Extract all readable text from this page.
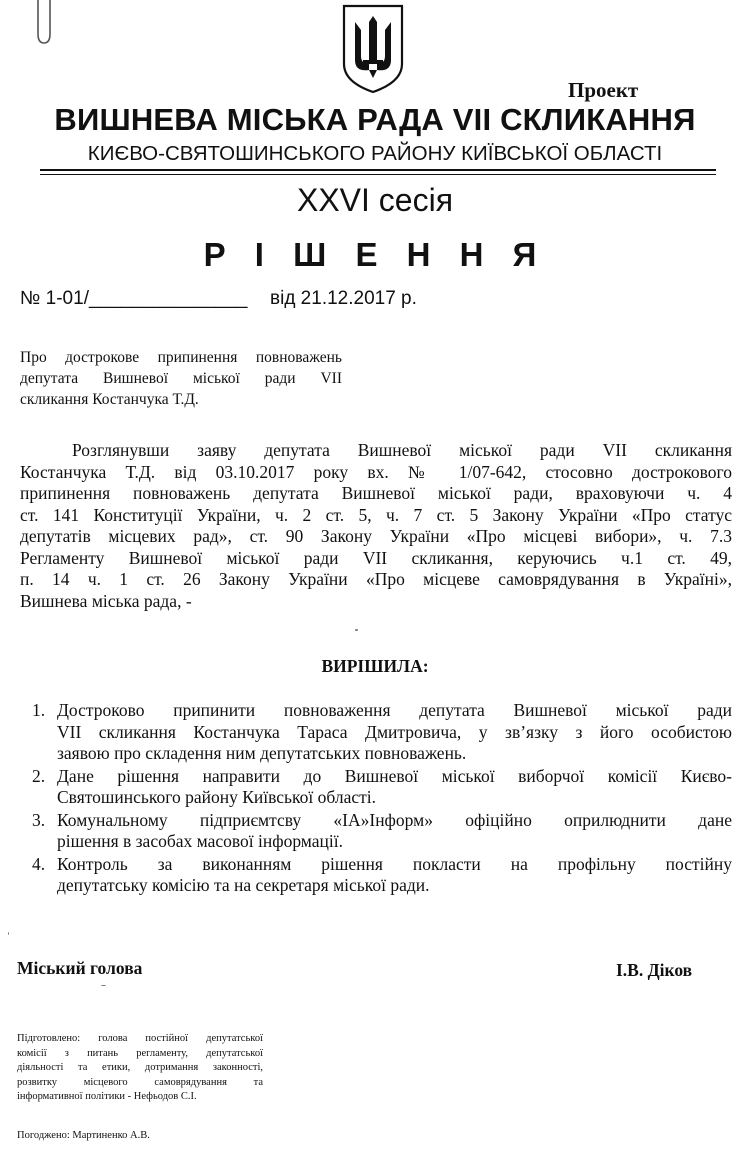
Проект
ВИШНЕВА МІСЬКА РАДА VII СКЛИКАННЯ
КИЄВО-СВЯТОШИНСЬКОГО РАЙОНУ КИЇВСЬКОЇ ОБЛАСТІ
XXVI сесія
Р І Ш Е Н Н Я
№ 1-01/_______________ від 21.12.2017 р.
Про дострокове припинення повноважень
депутата Вишневої міської ради VII
скликання Костанчука Т.Д.
Розглянувши заяву депутата Вишневої міської ради VII скликання
Костанчука Т.Д. від 03.10.2017 року вх. № 1/07-642, стосовно дострокового
припинення повноважень депутата Вишневої міської ради, враховуючи ч. 4
ст. 141 Конституції України, ч. 2 ст. 5, ч. 7 ст. 5 Закону України «Про статус
депутатів місцевих рад», ст. 90 Закону України «Про місцеві вибори», ч. 7.3
Регламенту Вишневої міської ради VII скликання, керуючись ч.1 ст. 49,
п. 14 ч. 1 ст. 26 Закону України «Про місцеве самоврядування в Україні»,
Вишнева міська рада, -
ВИРІШИЛА:
1. Достроково припинити повноваження депутата Вишневої міської ради
VII скликання Костанчука Тараса Дмитровича, у зв’язку з його особистою
заявою про складення ним депутатських повноважень.
2. Дане рішення направити до Вишневої міської виборчої комісії Києво-
Святошинського району Київської області.
3. Комунальному підприємтсву «ІА»Інформ» офіційно оприлюднити дане
рішення в засобах масової інформації.
4. Контроль за виконанням рішення покласти на профільну постійну
депутатську комісію та на секретаря міської ради.
Міський голова	І.В. Діков
Підготовлено: голова постійної депутатської
комісії з питань регламенту, депутатської
діяльності та етики, дотримання законності,
розвитку місцевого самоврядування та
інформативної політики - Нефьодов С.І.
Погоджено: Мартиненко А.В.
